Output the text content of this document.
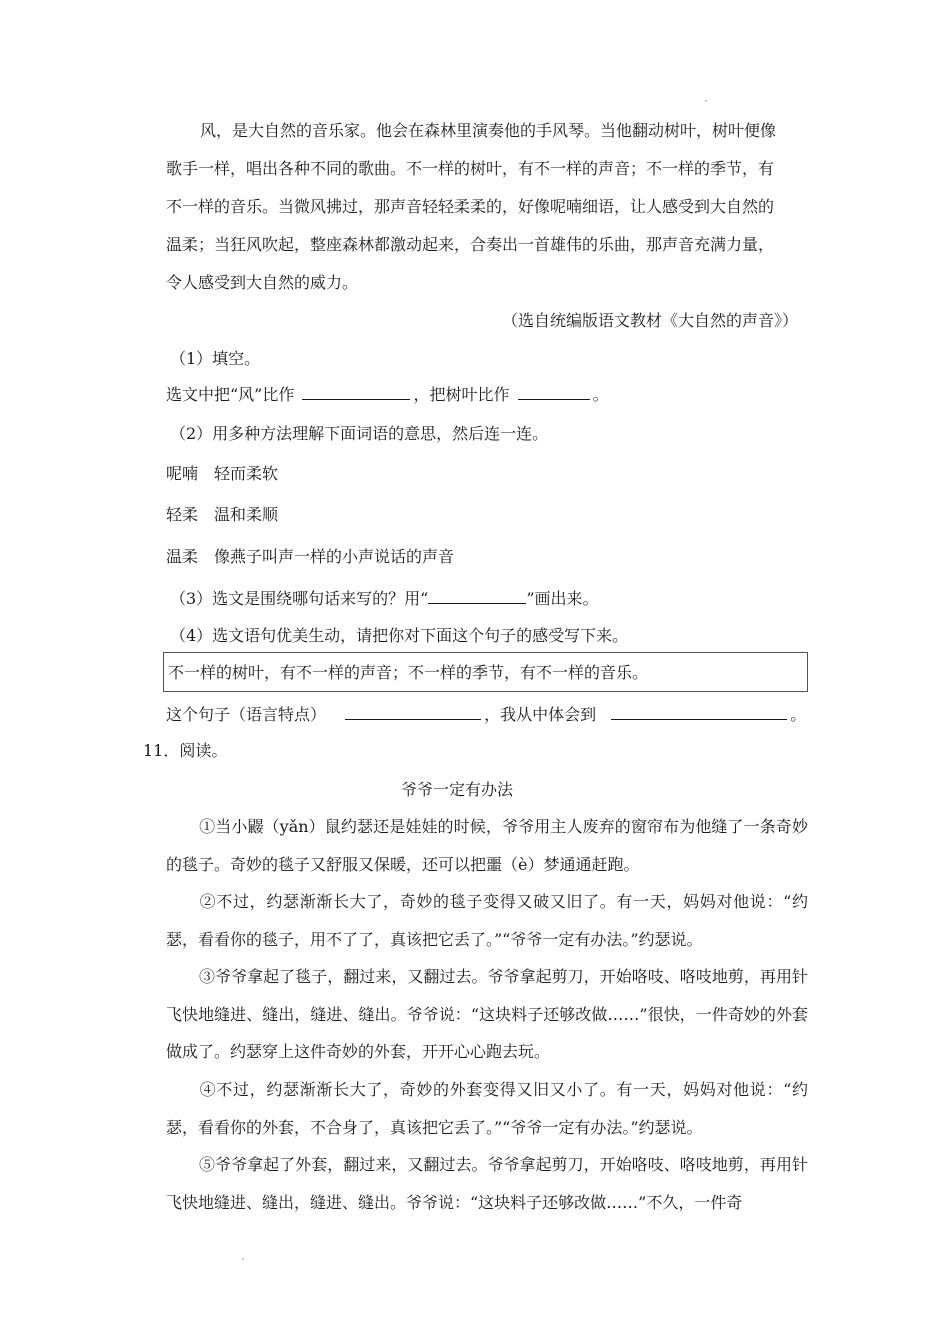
风，是大自然的音乐家。他会在森林里演奏他的手风琴。当他翻动树叶，树叶便像
歌手一样，唱出各种不同的歌曲。不一样的树叶，有不一样的声音；不一样的季节，有
不一样的音乐。当微风拂过，那声音轻轻柔柔的，好像呢喃细语，让人感受到大自然的
温柔；当狂风吹起，整座森林都激动起来，合奏出一首雄伟的乐曲，那声音充满力量，
令人感受到大自然的威力。
（选自统编版语文教材《大自然的声音》）
（1）填空。
选文中把“风”比作	，把树叶比作	。
（2）用多种方法理解下面词语的意思，然后连一连。
呢喃 轻而柔软
轻柔 温和柔顺
温柔 像燕子叫声一样的小声说话的声音
（3）选文是围绕哪句话来写的？用“	”画出来。
（4）选文语句优美生动，请把你对下面这个句子的感受写下来。
不一样的树叶，有不一样的声音；不一样的季节，有不一样的音乐。
这个句子（语言特点）	，我从中体会到	。
11．阅读。
爷爷一定有办法
①当小鼹（yǎn）鼠约瑟还是娃娃的时候，爷爷用主人废弃的窗帘布为他缝了一条奇妙的毯子。奇妙的毯子又舒服又保暖，还可以把噩（è）梦通通赶跑。
②不过，约瑟渐渐长大了，奇妙的毯子变得又破又旧了。有一天，妈妈对他说：“约瑟，看看你的毯子，用不了了，真该把它丢了。”“爷爷一定有办法。”约瑟说。
③爷爷拿起了毯子，翻过来，又翻过去。爷爷拿起剪刀，开始咯吱、咯吱地剪，再用针飞快地缝进、缝出，缝进、缝出。爷爷说：“这块料子还够改做……”很快，一件奇妙的外套做成了。约瑟穿上这件奇妙的外套，开开心心跑去玩。
④不过，约瑟渐渐长大了，奇妙的外套变得又旧又小了。有一天，妈妈对他说：“约瑟，看看你的外套，不合身了，真该把它丢了。”“爷爷一定有办法。”约瑟说。
⑤爷爷拿起了外套，翻过来，又翻过去。爷爷拿起剪刀，开始咯吱、咯吱地剪，再用针飞快地缝进、缝出，缝进、缝出。爷爷说：“这块料子还够改做……”不久，一件奇
